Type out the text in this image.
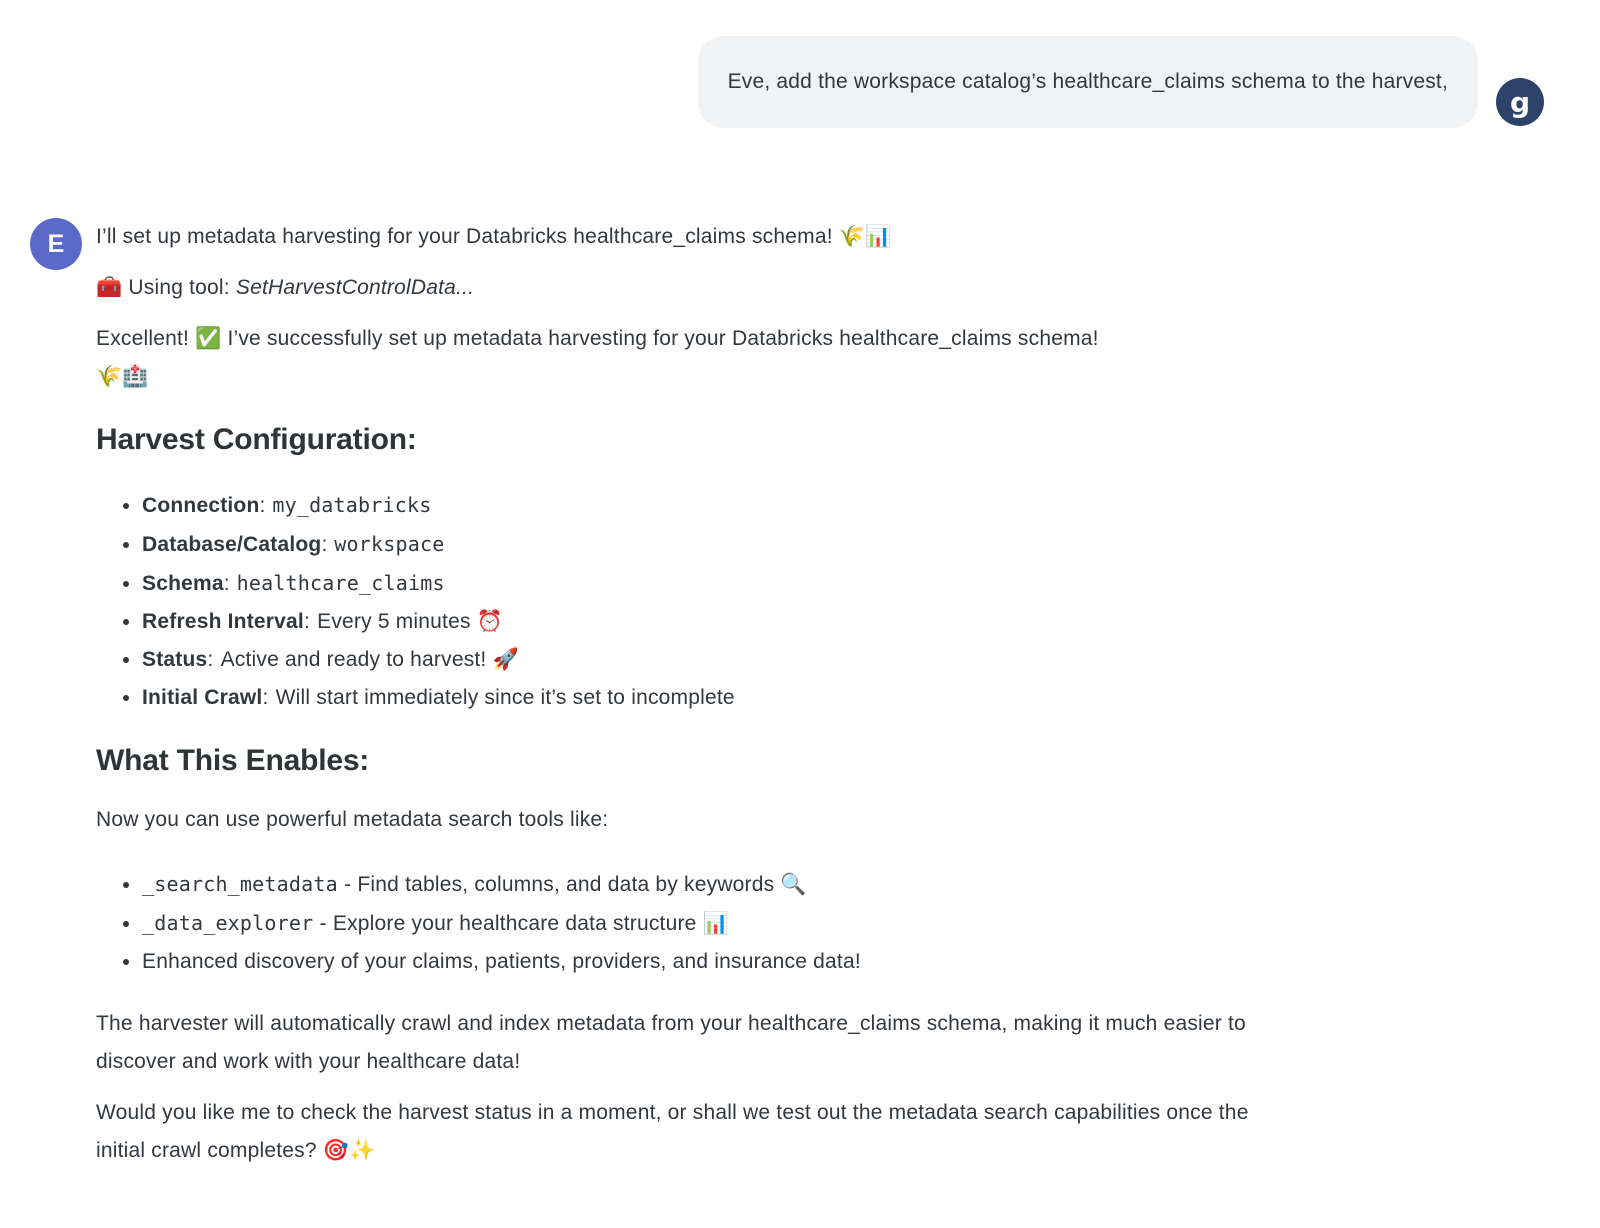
Eve, add the workspace catalog’s healthcare_claims schema to the harvest,
g
E I’ll set up metadata harvesting for your Databricks healthcare_claims schema! 🌾📊

🧰 Using tool: SetHarvestControlData...

Excellent! ✅ I’ve successfully set up metadata harvesting for your Databricks healthcare_claims schema!
🌾🏥

Harvest Configuration:
• Connection: my_databricks
• Database/Catalog: workspace
• Schema: healthcare_claims
• Refresh Interval: Every 5 minutes ⏰
• Status: Active and ready to harvest! 🚀
• Initial Crawl: Will start immediately since it’s set to incomplete
What This Enables:

Now you can use powerful metadata search tools like:

• _search_metadata - Find tables, columns, and data by keywords 🔍
• _data_explorer - Explore your healthcare data structure 📊
• Enhanced discovery of your claims, patients, providers, and insurance data!

The harvester will automatically crawl and index metadata from your healthcare_claims schema, making it much easier to discover and work with your healthcare data!

Would you like me to check the harvest status in a moment, or shall we test out the metadata search capabilities once the initial crawl completes? 🎯✨
